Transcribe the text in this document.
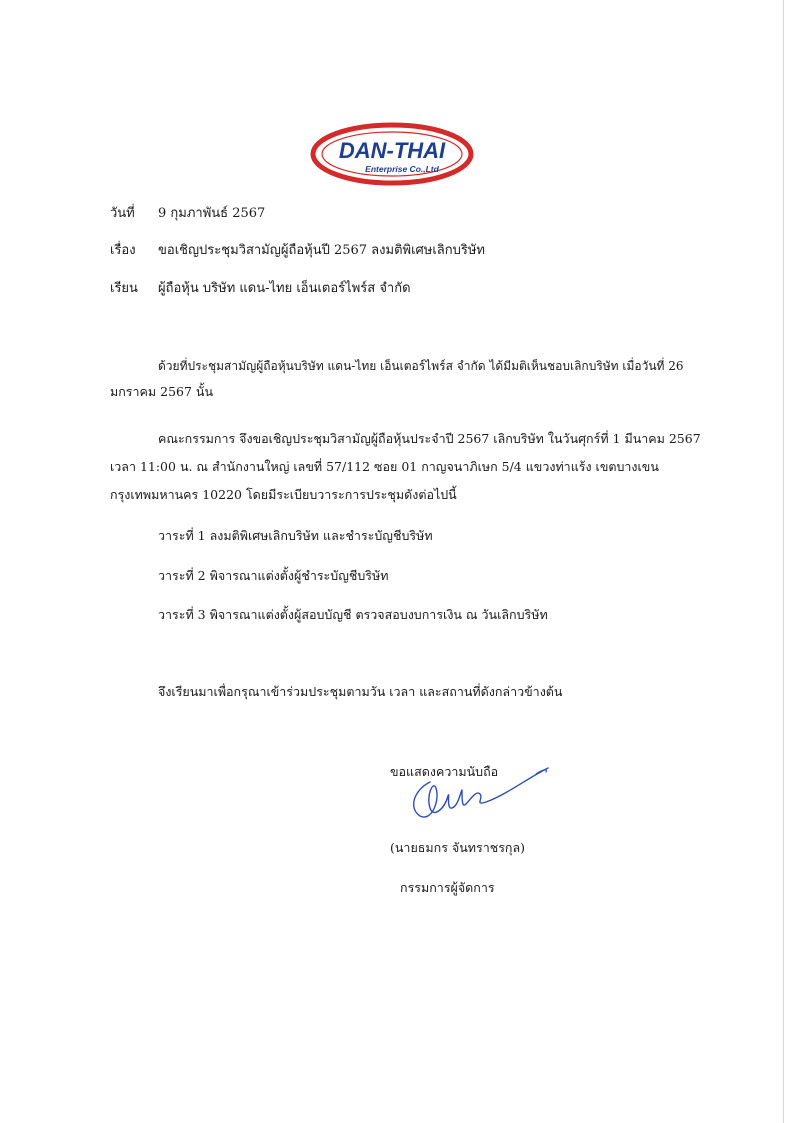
DAN-THAI
Enterprise Co.,Ltd
วันที่ 9 กุมภาพันธ์ 2567
เรื่อง ขอเชิญประชุมวิสามัญผู้ถือหุ้นปี 2567 ลงมติพิเศษเลิกบริษัท
เรียน ผู้ถือหุ้น บริษัท แดน-ไทย เอ็นเตอร์ไพร์ส จำกัด
ด้วยที่ประชุมสามัญผู้ถือหุ้นบริษัท แดน-ไทย เอ็นเตอร์ไพร์ส จำกัด ได้มีมติเห็นชอบเลิกบริษัท เมื่อวันที่ 26
มกราคม 2567 นั้น
คณะกรรมการ จึงขอเชิญประชุมวิสามัญผู้ถือหุ้นประจำปี 2567 เลิกบริษัท ในวันศุกร์ที่ 1 มีนาคม 2567
เวลา 11:00 น. ณ สำนักงานใหญ่ เลขที่ 57/112 ซอย 01 กาญจนาภิเษก 5/4 แขวงท่าแร้ง เขตบางเขน
กรุงเทพมหานคร 10220 โดยมีระเบียบวาระการประชุมดังต่อไปนี้
วาระที่ 1 ลงมติพิเศษเลิกบริษัท และชำระบัญชีบริษัท
วาระที่ 2 พิจารณาแต่งตั้งผู้ชำระบัญชีบริษัท
วาระที่ 3 พิจารณาแต่งตั้งผู้สอบบัญชี ตรวจสอบงบการเงิน ณ วันเลิกบริษัท
จึงเรียนมาเพื่อกรุณาเข้าร่วมประชุมตามวัน เวลา และสถานที่ดังกล่าวข้างต้น
ขอแสดงความนับถือ
(นายธมกร จันทราชรกุล)
กรรมการผู้จัดการ
